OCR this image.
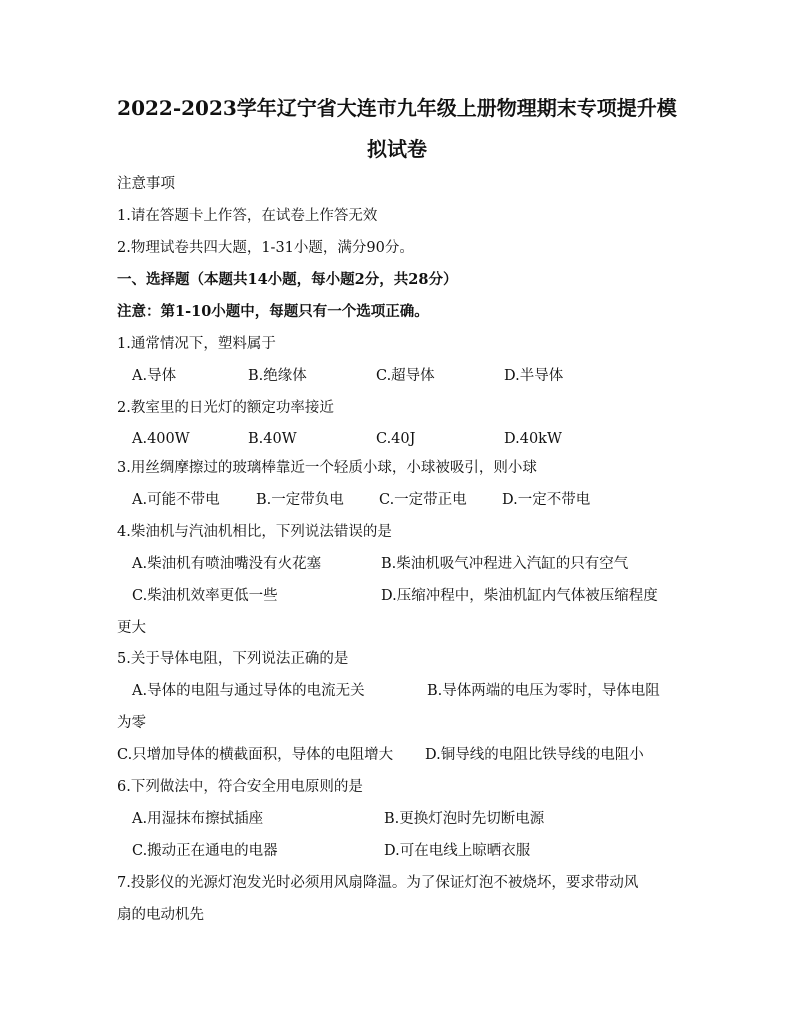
2022-2023学年辽宁省大连市九年级上册物理期末专项提升模
拟试卷
注意事项
1.请在答题卡上作答，在试卷上作答无效
2.物理试卷共四大题，1-31小题，满分90分。
一、选择题（本题共14小题，每小题2分，共28分）
注意：第1-10小题中，每题只有一个选项正确。
1.通常情况下，塑料属于
A.导体	B.绝缘体	C.超导体	D.半导体
2.教室里的日光灯的额定功率接近
A.400W	B.40W	C.40J	D.40kW
3.用丝绸摩擦过的玻璃棒靠近一个轻质小球，小球被吸引，则小球
A.可能不带电	B.一定带负电 C.一定带正电 D.一定不带电
4.柴油机与汽油机相比，下列说法错误的是
A.柴油机有喷油嘴没有火花塞	B.柴油机吸气冲程进入汽缸的只有空气
C.柴油机效率更低一些	D.压缩冲程中，柴油机缸内气体被压缩程度
更大
5.关于导体电阻，下列说法正确的是
A.导体的电阻与通过导体的电流无关	B.导体两端的电压为零时，导体电阻
为零
C.只增加导体的横截面积，导体的电阻增大 D.铜导线的电阻比铁导线的电阻小
6.下列做法中，符合安全用电原则的是
A.用湿抹布擦拭插座	B.更换灯泡时先切断电源
C.搬动正在通电的电器	D.可在电线上晾晒衣服
7.投影仪的光源灯泡发光时必须用风扇降温。为了保证灯泡不被烧坏，要求带动风
扇的电动机先
